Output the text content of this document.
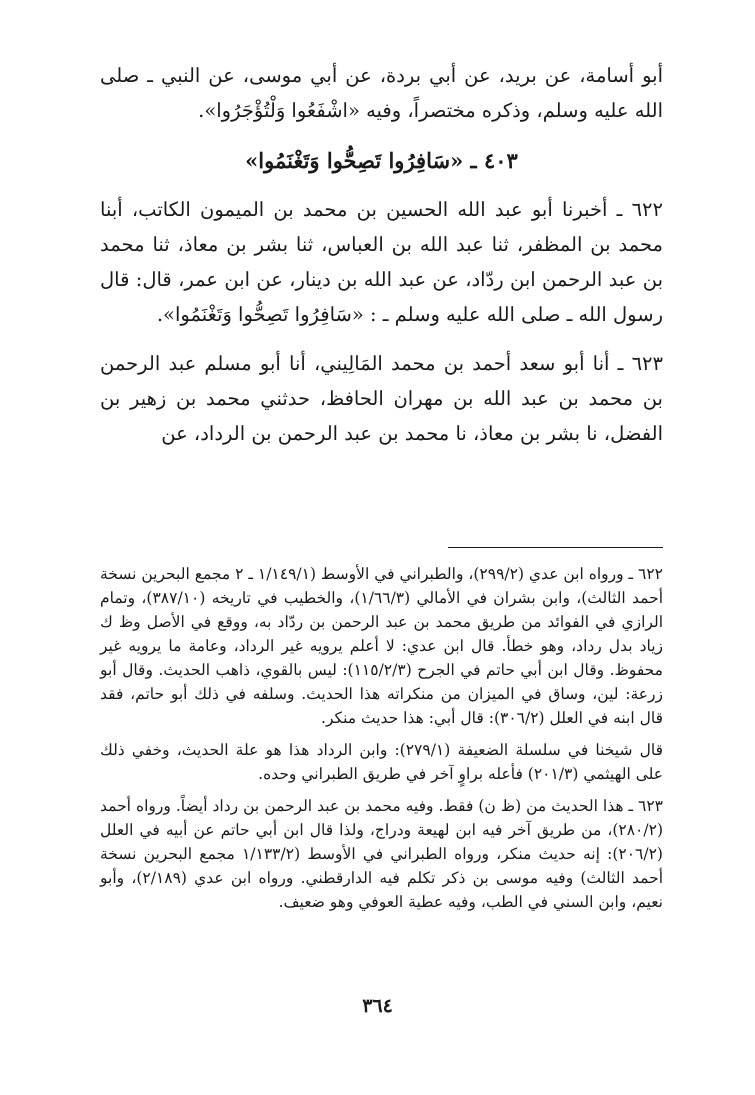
أبو أسامة، عن بريد، عن أبي بردة، عن أبي موسى، عن النبي ـ صلى الله عليه وسلم، وذكره مختصراً، وفيه «اشْفَعُوا وَلْتُؤْجَرُوا».

٤٠٣ ـ «سَافِرُوا تَصِحُّوا وَتَغْنَمُوا»

٦٢٢ ـ أخبرنا أبو عبد الله الحسين بن محمد بن الميمون الكاتب، أبنا محمد بن المظفر، ثنا عبد الله بن العباس، ثنا بشر بن معاذ، ثنا محمد بن عبد الرحمن ابن ردّاد، عن عبد الله بن دينار، عن ابن عمر، قال: قال رسول الله ـ صلى الله عليه وسلم ـ : «سَافِرُوا تَصِحُّوا وَتَغْنَمُوا».

٦٢٣ ـ أنا أبو سعد أحمد بن محمد المَالِيني، أنا أبو مسلم عبد الرحمن بن محمد بن عبد الله بن مهران الحافظ، حدثني محمد بن زهير بن الفضل، نا بشر بن معاذ، نا محمد بن عبد الرحمن بن الرداد، عن

٦٢٢ ـ ورواه ابن عدي (٢٩٩/٢)، والطبراني في الأوسط (١/١٤٩/١ ـ ٢ مجمع البحرين نسخة أحمد الثالث)، وابن بشران في الأمالي (١/٦٦/٣)، والخطيب في تاريخه (٣٨٧/١٠)، وتمام الرازي في الفوائد من طريق محمد بن عبد الرحمن بن ردّاد به، ووقع في الأصل وظ ك زياد بدل رداد، وهو خطأ. قال ابن عدي: لا أعلم يرويه غير الرداد، وعامة ما يرويه غير محفوظ. وقال ابن أبي حاتم في الجرح (١١٥/٢/٣): ليس بالقوي، ذاهب الحديث. وقال أبو زرعة: لين، وساق في الميزان من منكراته هذا الحديث. وسلفه في ذلك أبو حاتم، فقد قال ابنه في العلل (٣٠٦/٢): قال أبي: هذا حديث منكر.

قال شيخنا في سلسلة الضعيفة (٢٧٩/١): وابن الرداد هذا هو علة الحديث، وخفي ذلك على الهيثمي (٢٠١/٣) فأعله براوٍ آخر في طريق الطبراني وحده.

٦٢٣ ـ هذا الحديث من (ظ ن) فقط. وفيه محمد بن عبد الرحمن بن رداد أيضاً. ورواه أحمد (٢٨٠/٢)، من طريق آخر فيه ابن لهيعة ودراج، ولذا قال ابن أبي حاتم عن أبيه في العلل (٢٠٦/٢): إنه حديث منكر، ورواه الطبراني في الأوسط (١/١٣٣/٢ مجمع البحرين نسخة أحمد الثالث) وفيه موسى بن ذكر تكلم فيه الدارقطني. ورواه ابن عدي (٢/١٨٩)، وأبو نعيم، وابن السني في الطب، وفيه عطية العوفي وهو ضعيف.

٣٦٤
